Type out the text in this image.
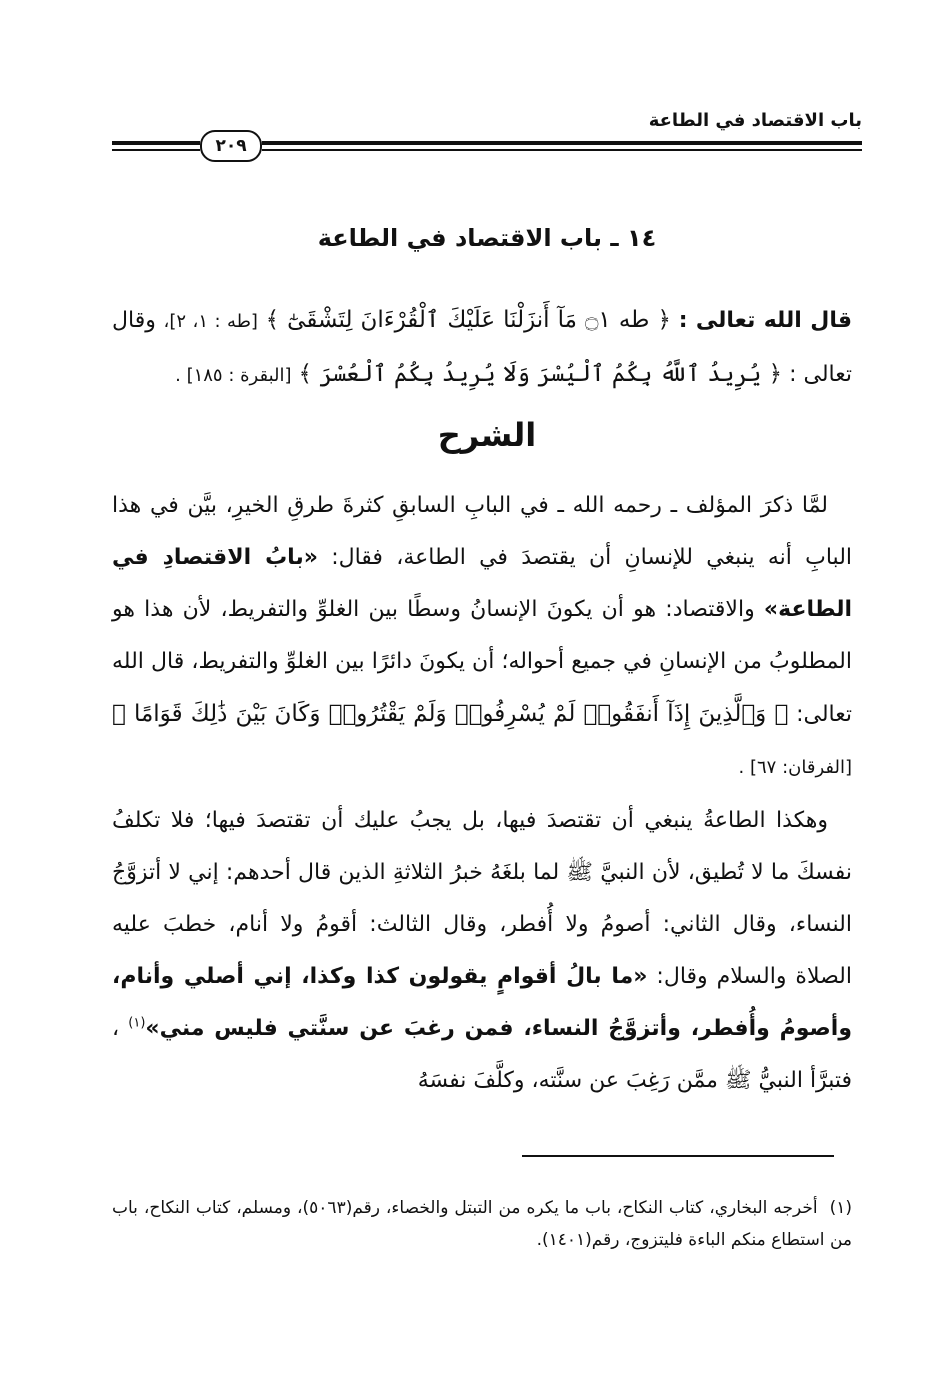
باب الاقتصاد في الطاعة
٢٠٩
١٤ ـ باب الاقتصاد في الطاعة
قال الله تعالى : ﴿ طه ۝١ مَآ أَنزَلْنَا عَلَيْكَ ٱلْقُرْءَانَ لِتَشْقَىٰٓ ﴾ [طه : ١، ٢]، وقال تعالى : ﴿ يُرِيدُ ٱللَّهُ بِكُمُ ٱلْيُسْرَ وَلَا يُرِيدُ بِكُمُ ٱلْعُسْرَ ﴾ [البقرة : ١٨٥] .
الشرح
لمَّا ذكرَ المؤلف ـ رحمه الله ـ في البابِ السابقِ كثرةَ طرقِ الخيرِ، بيَّن في هذا البابِ أنه ينبغي للإنسانِ أن يقتصدَ في الطاعة، فقال: «بابُ الاقتصادِ في الطاعة» والاقتصاد: هو أن يكونَ الإنسانُ وسطًا بين الغلوِّ والتفريط، لأن هذا هو المطلوبُ من الإنسانِ في جميع أحواله؛ أن يكونَ دائرًا بين الغلوِّ والتفريط، قال الله تعالى: ﴿ وَٱلَّذِينَ إِذَآ أَنفَقُوا۟ لَمْ يُسْرِفُوا۟ وَلَمْ يَقْتُرُوا۟ وَكَانَ بَيْنَ ذَٰلِكَ قَوَامًا ﴾ [الفرقان: ٦٧] .
وهكذا الطاعةُ ينبغي أن تقتصدَ فيها، بل يجبُ عليك أن تقتصدَ فيها؛ فلا تكلفُ نفسكَ ما لا تُطيق، لأن النبيَّ ﷺ لما بلغَهُ خبرُ الثلاثةِ الذين قال أحدهم: إني لا أتزوَّجُ النساء، وقال الثاني: أصومُ ولا أُفطر، وقال الثالث: أقومُ ولا أنام، خطبَ عليه الصلاة والسلام وقال: «ما بالُ أقوامٍ يقولون كذا وكذا، إني أصلي وأنام، وأصومُ وأُفطر، وأتزوَّجُ النساء، فمن رغبَ عن سنَّتي فليس مني»$^{(١)}$ ، فتبرَّأ النبيُّ ﷺ ممَّن رَغِبَ عن سنَّته، وكلَّفَ نفسَهُ
(١)أخرجه البخاري، كتاب النكاح، باب ما يكره من التبتل والخصاء، رقم(٥٠٦٣)، ومسلم، كتاب النكاح، باب من استطاع منكم الباءة فليتزوج، رقم(١٤٠١).
